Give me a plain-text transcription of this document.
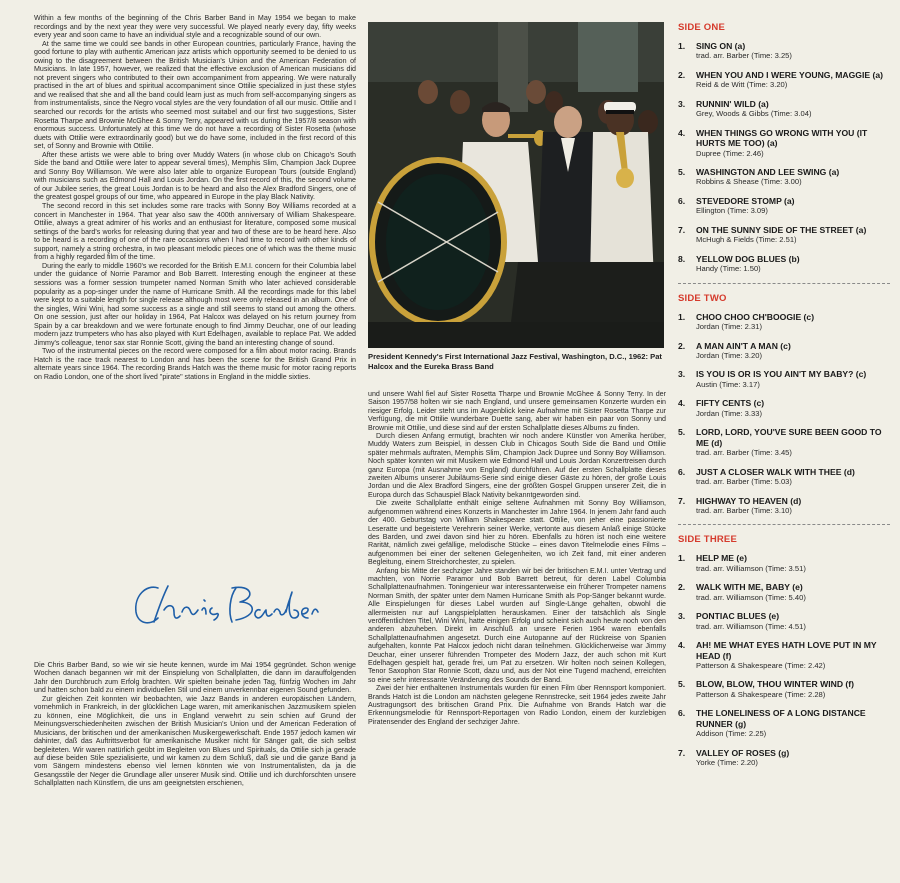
Within a few months of the beginning of the Chris Barber Band in May 1954 we began to make recordings and by the next year they were very successful. We played nearly every day, fifty weeks every year and soon came to have an individual style and a recognizable sound of our own.

At the same time we could see bands in other European countries, particularly France, having the good fortune to play with authentic American jazz artists which opportunity seemed to be denied to us owing to the disagreement between the British Musician's Union and the American Federation of Musicians. In late 1957, however, we realized that the effective exclusion of American musicians did not prevent singers who contributed to their own accompaniment from appearing. We were naturally practised in the art of blues and spiritual accompaniment since Ottilie specialized in just these styles and we realised that she and all the band could learn just as much from self-accompanying singers as from instrumentalists, since the Negro vocal styles are the very foundation of all our music. Ottilie and I searched our records for the artists who seemed most suitabel and our first two suggestions, Sister Rosetta Tharpe and Brownie McGhee & Sonny Terry, appeared with us during the 1957/8 season with enormous success. Unfortunately at this time we do not have a recording of Sister Rosetta (whose duets with Ottilie were extraordinarily good) but we do have some, included in the first record of this set, of Sonny and Brownie with Ottilie.

After these artists we were able to bring over Muddy Waters (in whose club on Chicago's South Side the band and Ottilie were later to appear several times), Memphis Slim, Champion Jack Dupree and Sonny Boy Williamson. We were also later able to organize European Tours (outside England) with musicians such as Edmond Hall and Louis Jordan. On the first record of this, the second volume of our Jubilee series, the great Louis Jordan is to be heard and also the Alex Bradford Singers, one of the greatest gospel groups of our time, who appeared in Europe in the play Black Nativity.

The second record in this set includes some rare tracks with Sonny Boy Williams recorded at a concert in Manchester in 1964. That year also saw the 400th anniversary of William Shakespeare. Ottilie, always a great admirer of his works and an enthusiast for literature, composed some musical settings of the bard's works for releasing during that year and two of these are to be heard here. Also to be heard is a recording of one of the rare occasions when I had time to record with other kinds of support, namely a string orchestra, in two pleasant melodic pieces one of which was the theme music from a highly regarded film of the time.

During the early to middle 1960's we recorded for the British E.M.I. concern for their Columbia label under the guidance of Norrie Paramor and Bob Barrett. Interesting enough the engineer at these sessions was a former session trumpeter named Norman Smith who later achieved considerable popularity as a pop-singer under the name of Hurricane Smith. All the recordings made for this label were kept to a suitable length for single release although most were only released in an album. One of the singles, Wini Wini, had some success as a single and still seems to stand out among the others. On one session, just after our holiday in 1964, Pat Halcox was delayed on his return journey from Spain by a car breakdown and we were fortunate enough to find Jimmy Deuchar, one of our leading modern jazz trumpeters who has also played with Kurt Edelhagen, available to replace Pat. We added Jimmy's colleague, tenor sax star Ronnie Scott, giving the band an interesting change of sound.

Two of the instrumental pieces on the record were composed for a film about motor racing. Brands Hatch is the race track nearest to London and has been the scene for the British Grand Prix in alternate years since 1964. The recording Brands Hatch was the theme music for motor racing reports on Radio London, one of the short lived "pirate" stations in England in the middle sixties.

Die Chris Barber Band, so wie wir sie heute kennen, wurde im Mai 1954 gegründet. Schon wenige Wochen danach begannen wir mit der Einspielung von Schallplatten, die dann im darauffolgenden Jahr den Durchbruch zum Erfolg brachten. Wir spielten beinahe jeden Tag, fünfzig Wochen im Jahr und hatten schon bald zu einem individuellen Stil und einem unverkennbar eigenen Sound gefunden.

Zur gleichen Zeit konnten wir beobachten, wie Jazz Bands in anderen europäischen Ländern, vornehmlich in Frankreich, in der glücklichen Lage waren, mit amerikanischen Jazzmusikern spielen zu können, eine Möglichkeit, die uns in England verwehrt zu sein schien auf Grund der Meinungsverschiedenheiten zwischen der British Musician's Union und der American Federation of Musicians, der britischen und der amerikanischen Musikergewerkschaft. Ende 1957 jedoch kamen wir dahinter, daß das Auftrittsverbot für amerikanische Musiker nicht für Sänger galt, die sich selbst begleiteten. Wir waren natürlich geübt im Begleiten von Blues und Spirituals, da Ottilie sich ja gerade auf diese beiden Stile spezialisierte, und wir kamen zu dem Schluß, daß sie und die ganze Band ja vom Sängern mindestens ebenso viel lernen könnten wie von Instrumentalisten, da ja die Gesangsstile der Neger die Grundlage aller unserer Musik sind. Ottilie und ich durchforschten unsere Schallplatten nach Künstlern, die uns am geeignetsten erschienen,

President Kennedy's First International Jazz Festival, Washington, D.C., 1962: Pat Halcox and the Eureka Brass Band

und unsere Wahl fiel auf Sister Rosetta Tharpe und Brownie McGhee & Sonny Terry. In der Saison 1957/58 holten wir sie nach England, und unsere gemeinsamen Konzerte wurden ein riesiger Erfolg. Leider steht uns im Augenblick keine Aufnahme mit Sister Rosetta Tharpe zur Verfügung, die mit Ottilie wunderbare Duette sang, aber wir haben ein paar von Sonny und Brownie mit Ottilie, und diese sind auf der ersten Schallplatte dieses Albums zu finden.

Durch diesen Anfang ermutigt, brachten wir noch andere Künstler von Amerika herüber, Muddy Waters zum Beispiel, in dessen Club in Chicagos South Side die Band und Ottilie später mehrmals auftraten, Memphis Slim, Champion Jack Dupree und Sonny Boy Williamson. Noch später konnten wir mit Musikern wie Edmond Hall und Louis Jordan Konzertreisen durch ganz Europa (mit Ausnahme von England) durchführen. Auf der ersten Schallplatte dieses zweiten Albums unserer Jubiläums-Serie sind einige dieser Gäste zu hören, der große Louis Jordan und die Alex Bradford Singers, eine der größten Gospel Gruppen unserer Zeit, die in Europa durch das Schauspiel Black Nativity bekanntgeworden sind.

Die zweite Schallplatte enthält einige seltene Aufnahmen mit Sonny Boy Williamson, aufgenommen während eines Konzerts in Manchester im Jahre 1964. In jenem Jahr fand auch der 400. Geburtstag von William Shakespeare statt. Ottilie, von jeher eine passionierte Leseratte und begeisterte Verehrerin seiner Werke, vertonte aus diesem Anlaß einige Stücke des Barden, und zwei davon sind hier zu hören. Ebenfalls zu hören ist noch eine weitere Rarität, nämlich zwei gefällige, melodische Stücke – eines davon Titelmelodie eines Films – aufgenommen bei einer der seltenen Gelegenheiten, wo ich Zeit fand, mit einer anderen Begleitung, einem Streichorchester, zu spielen.

Anfang bis Mitte der sechziger Jahre standen wir bei der britischen E.M.I. unter Vertrag und machten, von Norrie Paramor und Bob Barrett betreut, für deren Label Columbia Schallplattenaufnahmen. Toningenieur war interessanterweise ein früherer Trompeter namens Norman Smith, der später unter dem Namen Hurricane Smith als Pop-Sänger bekannt wurde. Alle Einspielungen für dieses Label wurden auf Single-Länge gehalten, obwohl die allermeisten nur auf Langspielplatten herauskamen. Einer der tatsächlich als Single veröffentlichten Titel, Wini Wini, hatte einigen Erfolg und scheint sich auch heute noch von den anderen abzuheben. Direkt im Anschluß an unsere Ferien 1964 waren ebenfalls Schallplattenaufnahmen angesetzt. Durch eine Autopanne auf der Rückreise von Spanien aufgehalten, konnte Pat Halcox jedoch nicht daran teilnehmen. Glücklicherweise war Jimmy Deuchar, einer unserer führenden Trompeter des Modern Jazz, der auch schon mit Kurt Edelhagen gespielt hat, gerade frei, um Pat zu ersetzen. Wir holten noch seinen Kollegen, Tenor Saxophon Star Ronnie Scott, dazu und, aus der Not eine Tugend machend, erreichten so eine sehr interessante Veränderung des Sounds der Band.

Zwei der hier enthaltenen Instrumentals wurden für einen Film über Rennsport komponiert. Brands Hatch ist die London am nächsten gelegene Rennstrecke, seit 1964 jedes zweite Jahr Austragungsort des britischen Grand Prix. Die Aufnahme von Brands Hatch war die Erkennungsmelodie für Rennsport-Reportagen von Radio London, einem der kurzlebigen Piratensender des England der sechziger Jahre.

SIDE ONE
1.	SING ON (a)
trad. arr. Barber (Time: 3.25)
2.	WHEN YOU AND I WERE YOUNG, MAGGIE (a)
Reid & de Witt (Time: 3.20)
3.	RUNNIN' WILD (a)
Grey, Woods & Gibbs (Time: 3.04)
4.	WHEN THINGS GO WRONG WITH YOU (IT HURTS ME TOO) (a)
Dupree (Time: 2.46)
5.	WASHINGTON AND LEE SWING (a)
Robbins & Shease (Time: 3.00)
6.	STEVEDORE STOMP (a)
Ellington (Time: 3.09)
7.	ON THE SUNNY SIDE OF THE STREET (a)
McHugh & Fields (Time: 2.51)
8.	YELLOW DOG BLUES (b)
Handy (Time: 1.50)
SIDE TWO
1.	CHOO CHOO CH'BOOGIE (c)
Jordan (Time: 2.31)
2.	A MAN AIN'T A MAN (c)
Jordan (Time: 3.20)
3.	IS YOU IS OR IS YOU AIN'T MY BABY? (c)
Austin (Time: 3.17)
4.	FIFTY CENTS (c)
Jordan (Time: 3.33)
5.	LORD, LORD, YOU'VE SURE BEEN GOOD TO ME (d)
trad. arr. Barber (Time: 3.45)
6.	JUST A CLOSER WALK WITH THEE (d)
trad. arr. Barber (Time: 5.03)
7.	HIGHWAY TO HEAVEN (d)
trad. arr. Barber (Time: 3.10)
SIDE THREE
1.	HELP ME (e)
trad. arr. Williamson (Time: 3.51)
2.	WALK WITH ME, BABY (e)
trad. arr. Williamson (Time: 5.40)
3.	PONTIAC BLUES (e)
trad. arr. Williamson (Time: 4.51)
4.	AH! ME WHAT EYES HATH LOVE PUT IN MY HEAD (f)
Patterson & Shakespeare (Time: 2.42)
5.	BLOW, BLOW, THOU WINTER WIND (f)
Patterson & Shakespeare (Time: 2.28)
6.	THE LONELINESS OF A LONG DISTANCE RUNNER (g)
Addison (Time: 2.25)
7.	VALLEY OF ROSES (g)
Yorke (Time: 2.20)
